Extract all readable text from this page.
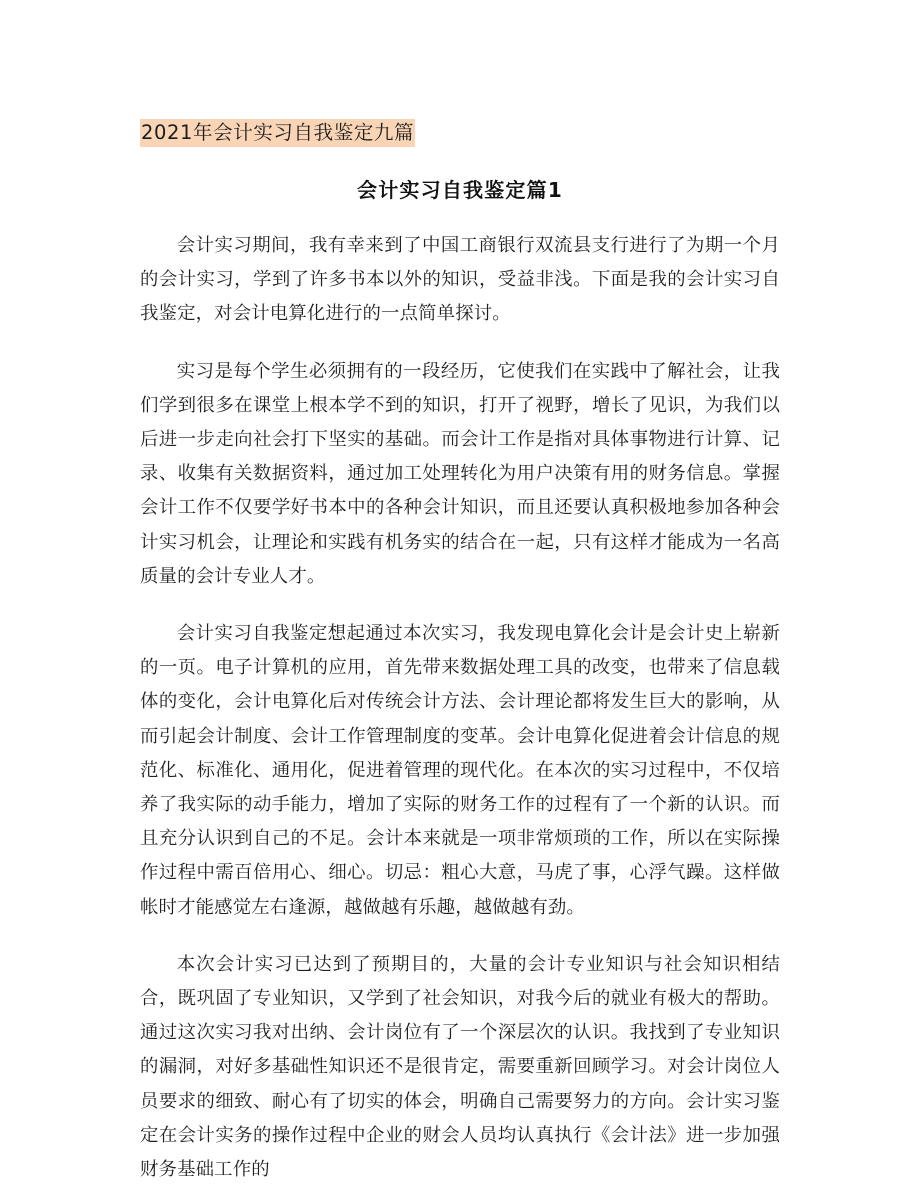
2021年会计实习自我鉴定九篇

会计实习自我鉴定篇1

会计实习期间，我有幸来到了中国工商银行双流县支行进行了为期一个月的会计实习，学到了许多书本以外的知识，受益非浅。下面是我的会计实习自我鉴定，对会计电算化进行的一点简单探讨。

实习是每个学生必须拥有的一段经历，它使我们在实践中了解社会，让我们学到很多在课堂上根本学不到的知识，打开了视野，增长了见识，为我们以后进一步走向社会打下坚实的基础。而会计工作是指对具体事物进行计算、记录、收集有关数据资料，通过加工处理转化为用户决策有用的财务信息。掌握会计工作不仅要学好书本中的各种会计知识，而且还要认真积极地参加各种会计实习机会，让理论和实践有机务实的结合在一起，只有这样才能成为一名高质量的会计专业人才。

会计实习自我鉴定想起通过本次实习，我发现电算化会计是会计史上崭新的一页。电子计算机的应用，首先带来数据处理工具的改变，也带来了信息载体的变化，会计电算化后对传统会计方法、会计理论都将发生巨大的影响，从而引起会计制度、会计工作管理制度的变革。会计电算化促进着会计信息的规范化、标准化、通用化，促进着管理的现代化。在本次的实习过程中，不仅培养了我实际的动手能力，增加了实际的财务工作的过程有了一个新的认识。而且充分认识到自己的不足。会计本来就是一项非常烦琐的工作，所以在实际操作过程中需百倍用心、细心。切忌：粗心大意，马虎了事，心浮气躁。这样做帐时才能感觉左右逢源，越做越有乐趣，越做越有劲。

本次会计实习已达到了预期目的，大量的会计专业知识与社会知识相结合，既巩固了专业知识，又学到了社会知识，对我今后的就业有极大的帮助。通过这次实习我对出纳、会计岗位有了一个深层次的认识。我找到了专业知识的漏洞，对好多基础性知识还不是很肯定，需要重新回顾学习。对会计岗位人员要求的细致、耐心有了切实的体会，明确自己需要努力的方向。会计实习鉴定在会计实务的操作过程中企业的财会人员均认真执行《会计法》进一步加强财务基础工作的
